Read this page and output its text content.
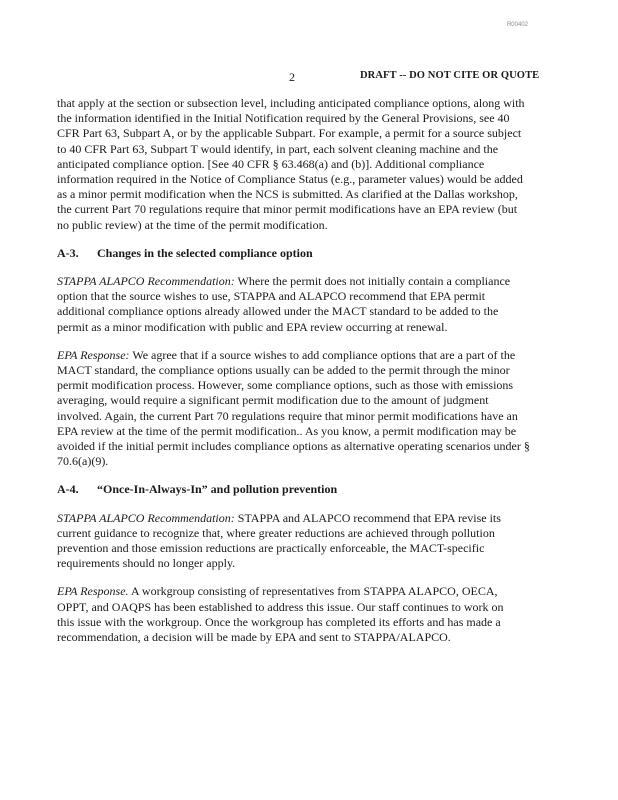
R00402
2	DRAFT -- DO NOT CITE OR QUOTE
that apply at the section or subsection level, including anticipated compliance options, along with
the information identified in the Initial Notification required by the General Provisions, see 40
CFR Part 63, Subpart A, or by the applicable Subpart. For example, a permit for a source subject
to 40 CFR Part 63, Subpart T would identify, in part, each solvent cleaning machine and the
anticipated compliance option. [See 40 CFR § 63.468(a) and (b)]. Additional compliance
information required in the Notice of Compliance Status (e.g., parameter values) would be added
as a minor permit modification when the NCS is submitted. As clarified at the Dallas workshop,
the current Part 70 regulations require that minor permit modifications have an EPA review (but
no public review) at the time of the permit modification.
A-3. Changes in the selected compliance option
STAPPA ALAPCO Recommendation: Where the permit does not initially contain a compliance
option that the source wishes to use, STAPPA and ALAPCO recommend that EPA permit
additional compliance options already allowed under the MACT standard to be added to the
permit as a minor modification with public and EPA review occurring at renewal.
EPA Response: We agree that if a source wishes to add compliance options that are a part of the
MACT standard, the compliance options usually can be added to the permit through the minor
permit modification process. However, some compliance options, such as those with emissions
averaging, would require a significant permit modification due to the amount of judgment
involved. Again, the current Part 70 regulations require that minor permit modifications have an
EPA review at the time of the permit modification.. As you know, a permit modification may be
avoided if the initial permit includes compliance options as alternative operating scenarios under §
70.6(a)(9).
A-4. “Once-In-Always-In” and pollution prevention
STAPPA ALAPCO Recommendation: STAPPA and ALAPCO recommend that EPA revise its
current guidance to recognize that, where greater reductions are achieved through pollution
prevention and those emission reductions are practically enforceable, the MACT-specific
requirements should no longer apply.
EPA Response. A workgroup consisting of representatives from STAPPA ALAPCO, OECA,
OPPT, and OAQPS has been established to address this issue. Our staff continues to work on
this issue with the workgroup. Once the workgroup has completed its efforts and has made a
recommendation, a decision will be made by EPA and sent to STAPPA/ALAPCO.
